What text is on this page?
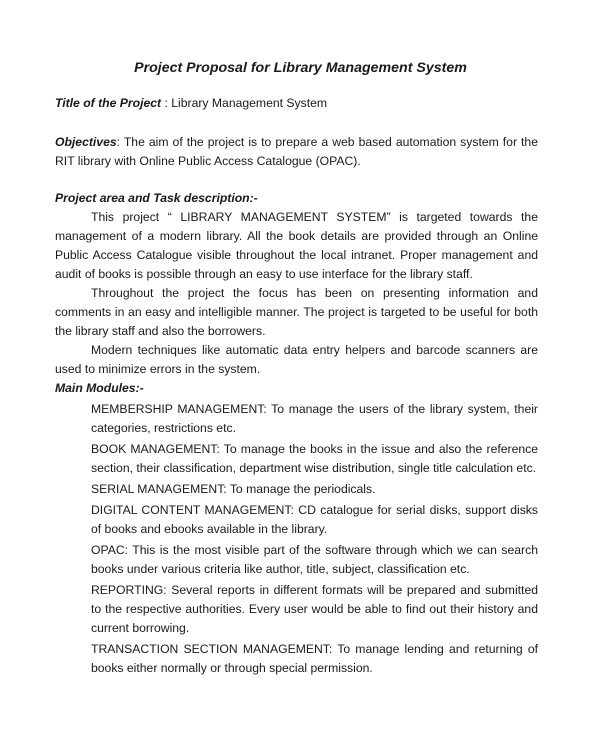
Project Proposal for Library Management System

Title of the Project : Library Management System

Objectives: The aim of the project is to prepare a web based automation system for the RIT library with Online Public Access Catalogue (OPAC).

Project area and Task description:-

This project “ LIBRARY MANAGEMENT SYSTEM” is targeted towards the management of a modern library. All the book details are provided through an Online Public Access Catalogue visible throughout the local intranet. Proper management and audit of books is possible through an easy to use interface for the library staff.

Throughout the project the focus has been on presenting information and comments in an easy and intelligible manner. The project is targeted to be useful for both the library staff and also the borrowers.

Modern techniques like automatic data entry helpers and barcode scanners are used to minimize errors in the system.

Main Modules:-

MEMBERSHIP MANAGEMENT: To manage the users of the library system, their categories, restrictions etc.
BOOK MANAGEMENT: To manage the books in the issue and also the reference section, their classification, department wise distribution, single title calculation etc.
SERIAL MANAGEMENT: To manage the periodicals.
DIGITAL CONTENT MANAGEMENT: CD catalogue for serial disks, support disks of books and ebooks available in the library.
OPAC: This is the most visible part of the software through which we can search books under various criteria like author, title, subject, classification etc.
REPORTING: Several reports in different formats will be prepared and submitted to the respective authorities. Every user would be able to find out their history and current borrowing.
TRANSACTION SECTION MANAGEMENT: To manage lending and returning of books either normally or through special permission.
